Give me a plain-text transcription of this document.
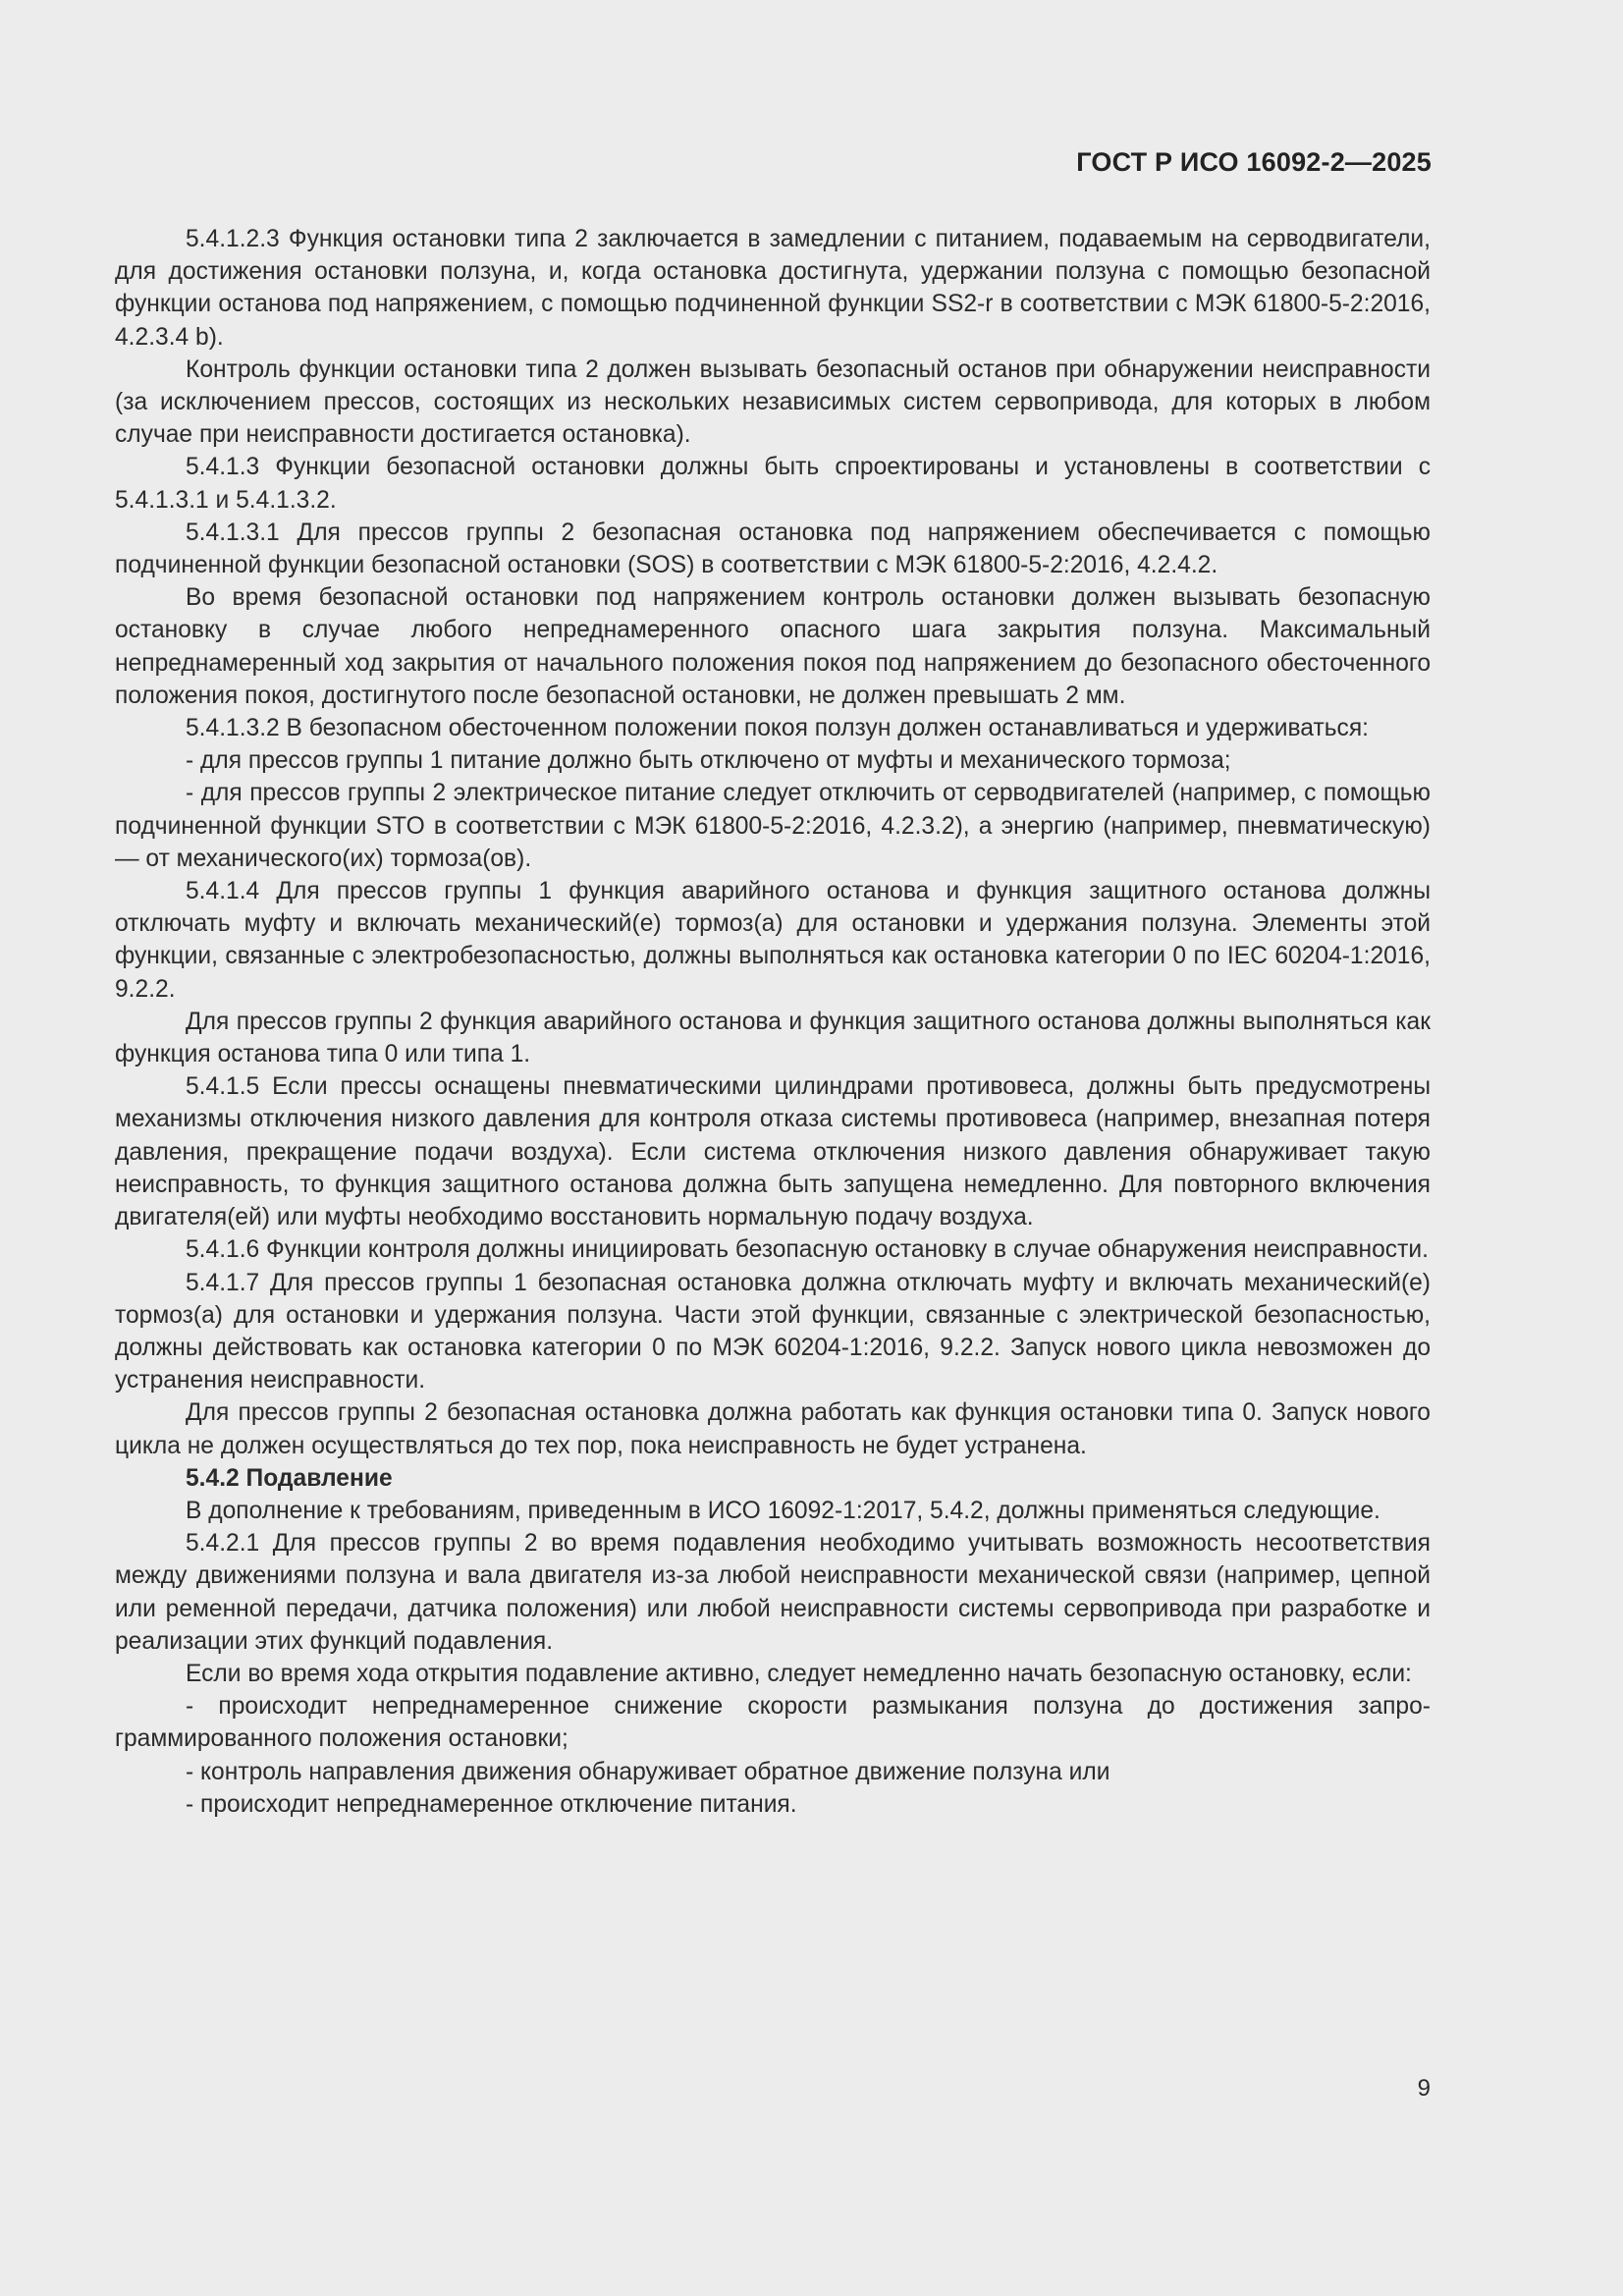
ГОСТ Р ИСО 16092-2—2025

5.4.1.2.3 Функция остановки типа 2 заключается в замедлении с питанием, подаваемым на серводвигатели, для достижения остановки ползуна, и, когда остановка достигнута, удержании ползуна с помощью безопасной функции останова под напряжением, с помощью подчиненной функции SS2-r в соответствии с МЭК 61800-5-2:2016, 4.2.3.4 b).

Контроль функции остановки типа 2 должен вызывать безопасный останов при обнаружении неисправности (за исключением прессов, состоящих из нескольких независимых систем сервопривода, для которых в любом случае при неисправности достигается остановка).

5.4.1.3 Функции безопасной остановки должны быть спроектированы и установлены в соответствии с 5.4.1.3.1 и 5.4.1.3.2.

5.4.1.3.1 Для прессов группы 2 безопасная остановка под напряжением обеспечивается с помощью подчиненной функции безопасной остановки (SOS) в соответствии с МЭК 61800-5-2:2016, 4.2.4.2.

Во время безопасной остановки под напряжением контроль остановки должен вызывать безопасную остановку в случае любого непреднамеренного опасного шага закрытия ползуна. Максимальный непреднамеренный ход закрытия от начального положения покоя под напряжением до безопасного обесточенного положения покоя, достигнутого после безопасной остановки, не должен превышать 2 мм.

5.4.1.3.2 В безопасном обесточенном положении покоя ползун должен останавливаться и удерживаться:

- для прессов группы 1 питание должно быть отключено от муфты и механического тормоза;

- для прессов группы 2 электрическое питание следует отключить от серводвигателей (например, с помощью подчиненной функции STO в соответствии с МЭК 61800-5-2:2016, 4.2.3.2), а энергию (например, пневматическую) — от механического(их) тормоза(ов).

5.4.1.4 Для прессов группы 1 функция аварийного останова и функция защитного останова должны отключать муфту и включать механический(е) тормоз(а) для остановки и удержания ползуна. Элементы этой функции, связанные с электробезопасностью, должны выполняться как остановка категории 0 по IEC 60204-1:2016, 9.2.2.

Для прессов группы 2 функция аварийного останова и функция защитного останова должны выполняться как функция останова типа 0 или типа 1.

5.4.1.5 Если прессы оснащены пневматическими цилиндрами противовеса, должны быть предусмотрены механизмы отключения низкого давления для контроля отказа системы противовеса (например, внезапная потеря давления, прекращение подачи воздуха). Если система отключения низкого давления обнаруживает такую неисправность, то функция защитного останова должна быть запущена немедленно. Для повторного включения двигателя(ей) или муфты необходимо восстановить нормальную подачу воздуха.

5.4.1.6 Функции контроля должны инициировать безопасную остановку в случае обнаружения неисправности.

5.4.1.7 Для прессов группы 1 безопасная остановка должна отключать муфту и включать механический(е) тормоз(а) для остановки и удержания ползуна. Части этой функции, связанные с электрической безопасностью, должны действовать как остановка категории 0 по МЭК 60204-1:2016, 9.2.2. Запуск нового цикла невозможен до устранения неисправности.

Для прессов группы 2 безопасная остановка должна работать как функция остановки типа 0. Запуск нового цикла не должен осуществляться до тех пор, пока неисправность не будет устранена.

5.4.2 Подавление

В дополнение к требованиям, приведенным в ИСО 16092-1:2017, 5.4.2, должны применяться следующие.

5.4.2.1 Для прессов группы 2 во время подавления необходимо учитывать возможность несоответствия между движениями ползуна и вала двигателя из-за любой неисправности механической связи (например, цепной или ременной передачи, датчика положения) или любой неисправности системы сервопривода при разработке и реализации этих функций подавления.

Если во время хода открытия подавление активно, следует немедленно начать безопасную остановку, если:

- происходит непреднамеренное снижение скорости размыкания ползуна до достижения запрограммированного положения остановки;

- контроль направления движения обнаруживает обратное движение ползуна или

- происходит непреднамеренное отключение питания.

9
